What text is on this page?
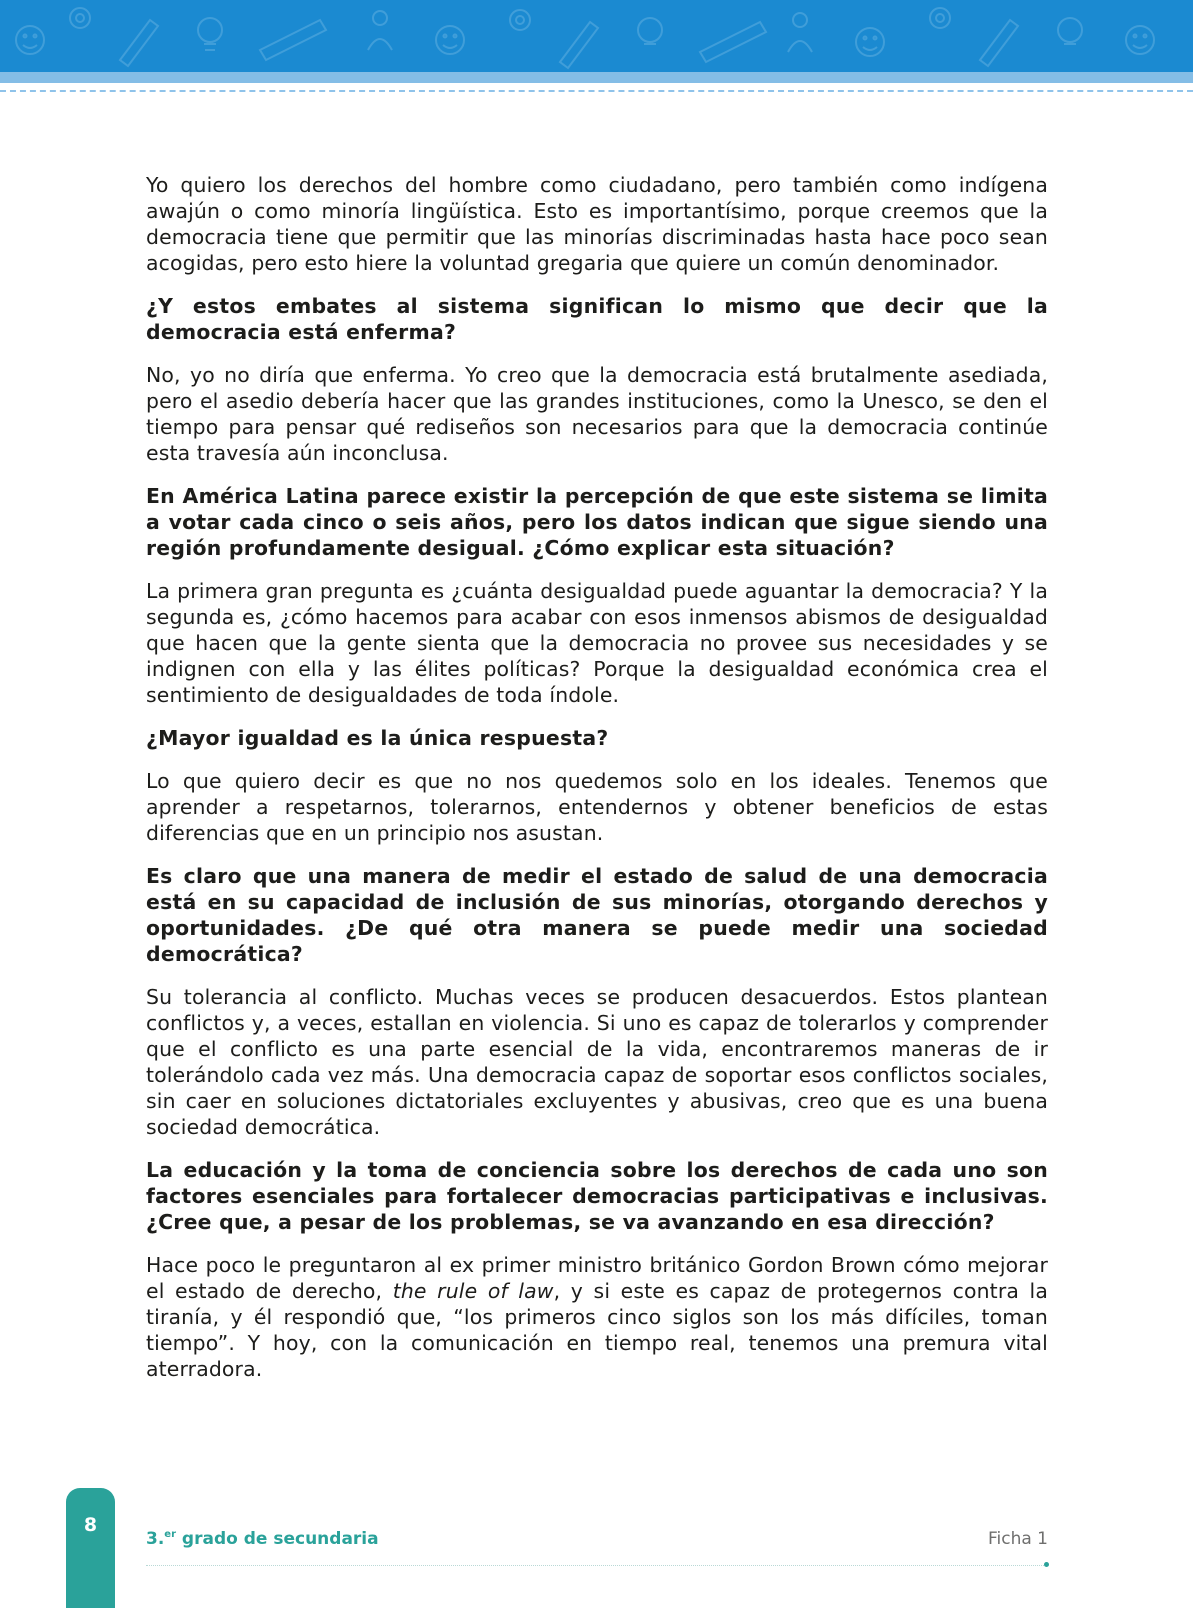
Yo quiero los derechos del hombre como ciudadano, pero también como indígena awajún o como minoría lingüística. Esto es importantísimo, porque creemos que la democracia tiene que permitir que las minorías discriminadas hasta hace poco sean acogidas, pero esto hiere la voluntad gregaria que quiere un común denominador.

¿Y estos embates al sistema significan lo mismo que decir que la democracia está enferma?

No, yo no diría que enferma. Yo creo que la democracia está brutalmente asediada, pero el asedio debería hacer que las grandes instituciones, como la Unesco, se den el tiempo para pensar qué rediseños son necesarios para que la democracia continúe esta travesía aún inconclusa.

En América Latina parece existir la percepción de que este sistema se limita a votar cada cinco o seis años, pero los datos indican que sigue siendo una región profundamente desigual. ¿Cómo explicar esta situación?

La primera gran pregunta es ¿cuánta desigualdad puede aguantar la democracia? Y la segunda es, ¿cómo hacemos para acabar con esos inmensos abismos de desigualdad que hacen que la gente sienta que la democracia no provee sus necesidades y se indignen con ella y las élites políticas? Porque la desigualdad económica crea el sentimiento de desigualdades de toda índole.

¿Mayor igualdad es la única respuesta?

Lo que quiero decir es que no nos quedemos solo en los ideales. Tenemos que aprender a respetarnos, tolerarnos, entendernos y obtener beneficios de estas diferencias que en un principio nos asustan.

Es claro que una manera de medir el estado de salud de una democracia está en su capacidad de inclusión de sus minorías, otorgando derechos y oportunidades. ¿De qué otra manera se puede medir una sociedad democrática?

Su tolerancia al conflicto. Muchas veces se producen desacuerdos. Estos plantean conflictos y, a veces, estallan en violencia. Si uno es capaz de tolerarlos y comprender que el conflicto es una parte esencial de la vida, encontraremos maneras de ir tolerándolo cada vez más. Una democracia capaz de soportar esos conflictos sociales, sin caer en soluciones dictatoriales excluyentes y abusivas, creo que es una buena sociedad democrática.

La educación y la toma de conciencia sobre los derechos de cada uno son factores esenciales para fortalecer democracias participativas e inclusivas. ¿Cree que, a pesar de los problemas, se va avanzando en esa dirección?

Hace poco le preguntaron al ex primer ministro británico Gordon Brown cómo mejorar el estado de derecho, the rule of law, y si este es capaz de protegernos contra la tiranía, y él respondió que, “los primeros cinco siglos son los más difíciles, toman tiempo”. Y hoy, con la comunicación en tiempo real, tenemos una premura vital aterradora.

8
3.$^{er}$ grado de secundaria	Ficha 1
